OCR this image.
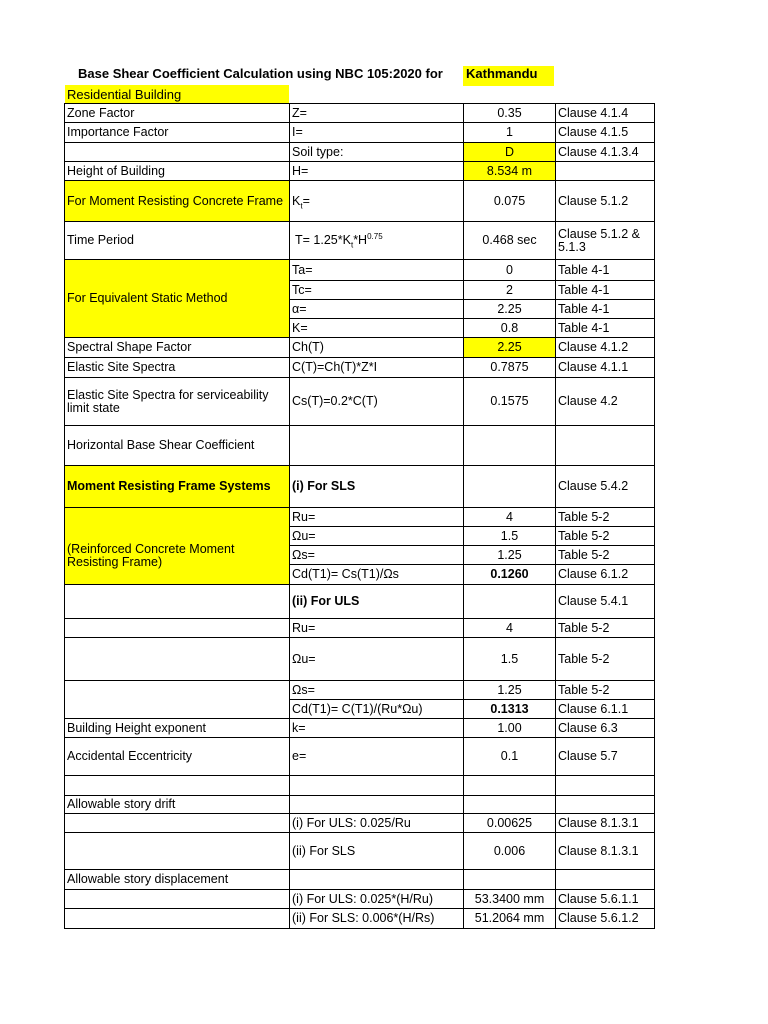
Base Shear Coefficient Calculation using NBC 105:2020 for Kathmandu
Residential Building
Zone Factor	Z=	0.35	Clause 4.1.4
Importance Factor	I=	1	Clause 4.1.5
	Soil type:	D	Clause 4.1.3.4
Height of Building	H=	8.534 m	
For Moment Resisting Concrete Frame	$K_t=$	0.075	Clause 5.1.2
Time Period	$T= 1.25*K_t*H^{0.75}$	0.468 sec	Clause 5.1.2 & 5.1.3
For Equivalent Static Method	Ta=	0	Table 4-1
	Tc=	2	Table 4-1
	α=	2.25	Table 4-1
	K=	0.8	Table 4-1
Spectral Shape Factor	Ch(T)	2.25	Clause 4.1.2
Elastic Site Spectra	C(T)=Ch(T)*Z*I	0.7875	Clause 4.1.1
Elastic Site Spectra for serviceability limit state	Cs(T)=0.2*C(T)	0.1575	Clause 4.2
Horizontal Base Shear Coefficient			
Moment Resisting Frame Systems	(i) For SLS		Clause 5.4.2
(Reinforced Concrete Moment Resisting Frame)	Ru=	4	Table 5-2
	Ωu=	1.5	Table 5-2
	Ωs=	1.25	Table 5-2
	Cd(T1)= Cs(T1)/Ωs	0.1260	Clause 6.1.2
	(ii) For ULS		Clause 5.4.1
	Ru=	4	Table 5-2
	Ωu=	1.5	Table 5-2
	Ωs=	1.25	Table 5-2
	Cd(T1)= C(T1)/(Ru*Ωu)	0.1313	Clause 6.1.1
Building Height exponent	k=	1.00	Clause 6.3
Accidental Eccentricity	e=	0.1	Clause 5.7

Allowable story drift			
	(i) For ULS: 0.025/Ru	0.00625	Clause 8.1.3.1
	(ii) For SLS	0.006	Clause 8.1.3.1
Allowable story displacement			
	(i) For ULS: 0.025*(H/Ru)	53.3400 mm	Clause 5.6.1.1
	(ii) For SLS: 0.006*(H/Rs)	51.2064 mm	Clause 5.6.1.2
